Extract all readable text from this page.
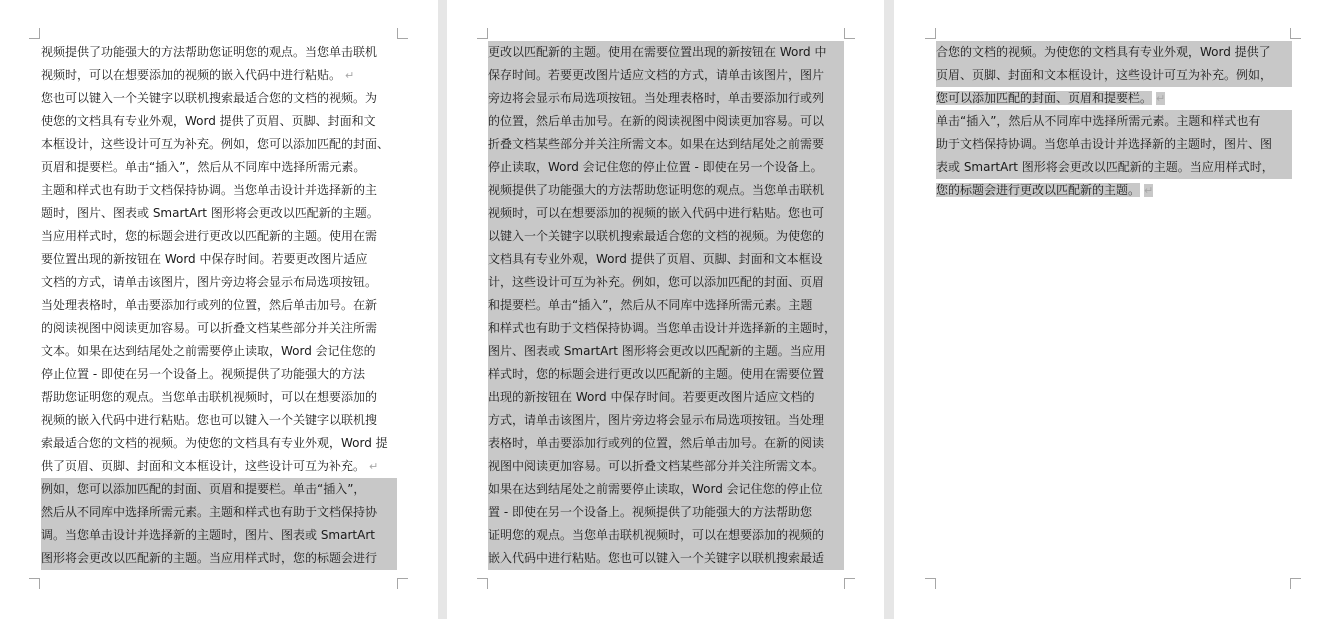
视频提供了功能强大的方法帮助您证明您的观点。当您单击联机
视频时，可以在想要添加的视频的嵌入代码中进行粘贴。 ↵
您也可以键入一个关键字以联机搜索最适合您的文档的视频。为
使您的文档具有专业外观，Word 提供了页眉、页脚、封面和文
本框设计，这些设计可互为补充。例如，您可以添加匹配的封面、
页眉和提要栏。单击“插入”，然后从不同库中选择所需元素。
主题和样式也有助于文档保持协调。当您单击设计并选择新的主
题时，图片、图表或 SmartArt 图形将会更改以匹配新的主题。
当应用样式时，您的标题会进行更改以匹配新的主题。使用在需
要位置出现的新按钮在 Word 中保存时间。若要更改图片适应
文档的方式，请单击该图片，图片旁边将会显示布局选项按钮。
当处理表格时，单击要添加行或列的位置，然后单击加号。在新
的阅读视图中阅读更加容易。可以折叠文档某些部分并关注所需
文本。如果在达到结尾处之前需要停止读取，Word 会记住您的
停止位置 - 即使在另一个设备上。视频提供了功能强大的方法
帮助您证明您的观点。当您单击联机视频时，可以在想要添加的
视频的嵌入代码中进行粘贴。您也可以键入一个关键字以联机搜
索最适合您的文档的视频。为使您的文档具有专业外观，Word 提
供了页眉、页脚、封面和文本框设计，这些设计可互为补充。 ↵
例如，您可以添加匹配的封面、页眉和提要栏。单击“插入”，
然后从不同库中选择所需元素。主题和样式也有助于文档保持协
调。当您单击设计并选择新的主题时，图片、图表或 SmartArt
图形将会更改以匹配新的主题。当应用样式时，您的标题会进行
更改以匹配新的主题。使用在需要位置出现的新按钮在 Word 中
保存时间。若要更改图片适应文档的方式，请单击该图片，图片
旁边将会显示布局选项按钮。当处理表格时，单击要添加行或列
的位置，然后单击加号。在新的阅读视图中阅读更加容易。可以
折叠文档某些部分并关注所需文本。如果在达到结尾处之前需要
停止读取，Word 会记住您的停止位置 - 即使在另一个设备上。
视频提供了功能强大的方法帮助您证明您的观点。当您单击联机
视频时，可以在想要添加的视频的嵌入代码中进行粘贴。您也可
以键入一个关键字以联机搜索最适合您的文档的视频。为使您的
文档具有专业外观，Word 提供了页眉、页脚、封面和文本框设
计，这些设计可互为补充。例如，您可以添加匹配的封面、页眉
和提要栏。单击“插入”，然后从不同库中选择所需元素。主题
和样式也有助于文档保持协调。当您单击设计并选择新的主题时，
图片、图表或 SmartArt 图形将会更改以匹配新的主题。当应用
样式时，您的标题会进行更改以匹配新的主题。使用在需要位置
出现的新按钮在 Word 中保存时间。若要更改图片适应文档的
方式，请单击该图片，图片旁边将会显示布局选项按钮。当处理
表格时，单击要添加行或列的位置，然后单击加号。在新的阅读
视图中阅读更加容易。可以折叠文档某些部分并关注所需文本。
如果在达到结尾处之前需要停止读取，Word 会记住您的停止位
置 - 即使在另一个设备上。视频提供了功能强大的方法帮助您
证明您的观点。当您单击联机视频时，可以在想要添加的视频的
嵌入代码中进行粘贴。您也可以键入一个关键字以联机搜索最适
合您的文档的视频。为使您的文档具有专业外观，Word 提供了
页眉、页脚、封面和文本框设计，这些设计可互为补充。例如，
您可以添加匹配的封面、页眉和提要栏。 ↵
单击“插入”，然后从不同库中选择所需元素。主题和样式也有
助于文档保持协调。当您单击设计并选择新的主题时，图片、图
表或 SmartArt 图形将会更改以匹配新的主题。当应用样式时，
您的标题会进行更改以匹配新的主题。 ↵
